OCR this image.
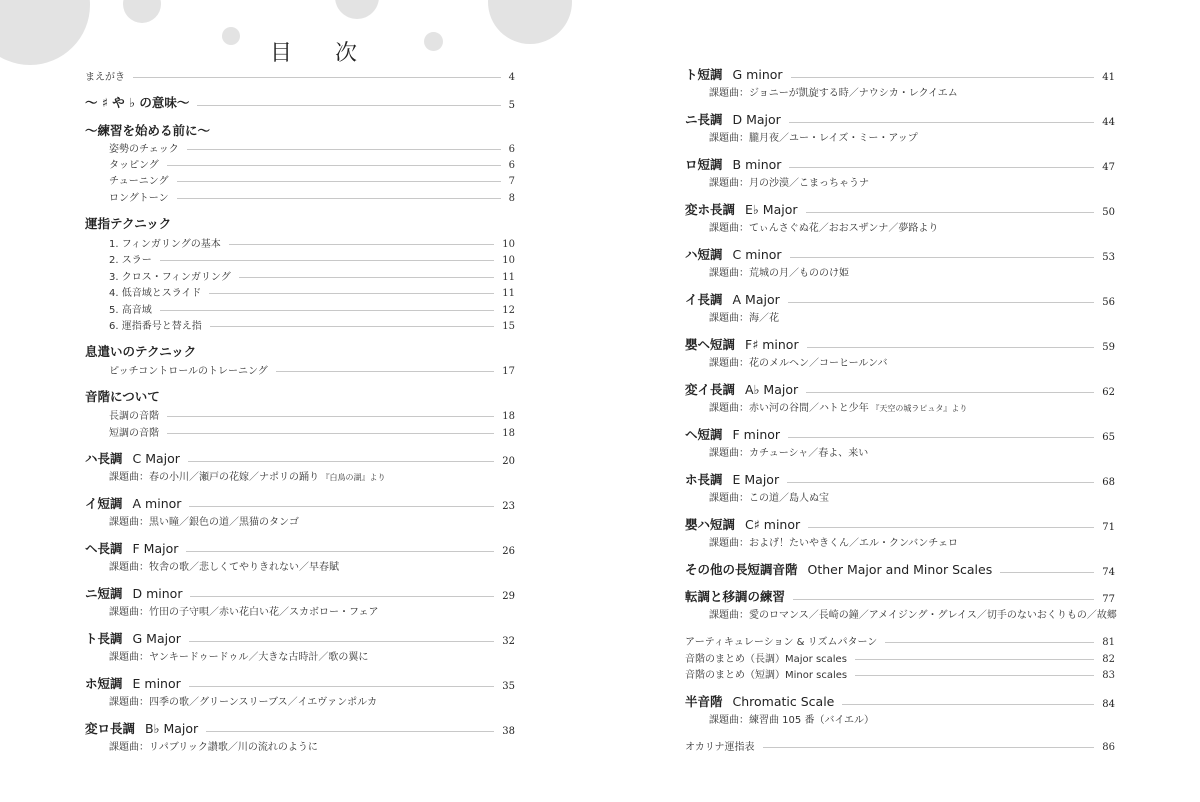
目 次
まえがき	4
～ ♯ や ♭ の意味～	5
～練習を始める前に～
姿勢のチェック	6
タッピング	6
チューニング	7
ロングトーン	8
運指テクニック
1. フィンガリングの基本	10
2. スラー	10
3. クロス・フィンガリング	11
4. 低音域とスライド	11
5. 高音域	12
6. 運指番号と替え指	15
息遣いのテクニック
ピッチコントロールのトレーニング	17
音階について
長調の音階	18
短調の音階	18
ハ長調 C Major	20
課題曲：春の小川／瀬戸の花嫁／ナポリの踊り 『白鳥の湖』より
イ短調 A minor	23
課題曲：黒い瞳／銀色の道／黒猫のタンゴ
ヘ長調 F Major	26
課題曲：牧舎の歌／悲しくてやりきれない／早春賦
ニ短調 D minor	29
課題曲：竹田の子守唄／赤い花白い花／スカボロー・フェア
ト長調 G Major	32
課題曲：ヤンキードゥードゥル／大きな古時計／歌の翼に
ホ短調 E minor	35
課題曲：四季の歌／グリーンスリーブス／イエヴァンポルカ
変ロ長調 B♭ Major	38
課題曲：リパブリック讃歌／川の流れのように
ト短調 G minor	41
課題曲：ジョニーが凱旋する時／ナウシカ・レクイエム
ニ長調 D Major	44
課題曲：朧月夜／ユー・レイズ・ミー・アップ
ロ短調 B minor	47
課題曲：月の沙漠／こまっちゃうナ
変ホ長調 E♭ Major	50
課題曲：てぃんさぐぬ花／おおスザンナ／夢路より
ハ短調 C minor	53
課題曲：荒城の月／もののけ姫
イ長調 A Major	56
課題曲：海／花
嬰ヘ短調 F♯ minor	59
課題曲：花のメルヘン／コーヒールンバ
変イ長調 A♭ Major	62
課題曲：赤い河の谷間／ハトと少年 『天空の城ラピュタ』より
ヘ短調 F minor	65
課題曲：カチューシャ／春よ、来い
ホ長調 E Major	68
課題曲：この道／島人ぬ宝
嬰ハ短調 C♯ minor	71
課題曲：およげ！たいやきくん／エル・クンバンチェロ
その他の長短調音階 Other Major and Minor Scales	74
転調と移調の練習	77
課題曲：愛のロマンス／長崎の鐘／アメイジング・グレイス／切手のないおくりもの／故郷
アーティキュレーション & リズムパターン	81
音階のまとめ（長調）Major scales	82
音階のまとめ（短調）Minor scales	83
半音階 Chromatic Scale	84
課題曲：練習曲 105 番（バイエル）
オカリナ運指表	86
